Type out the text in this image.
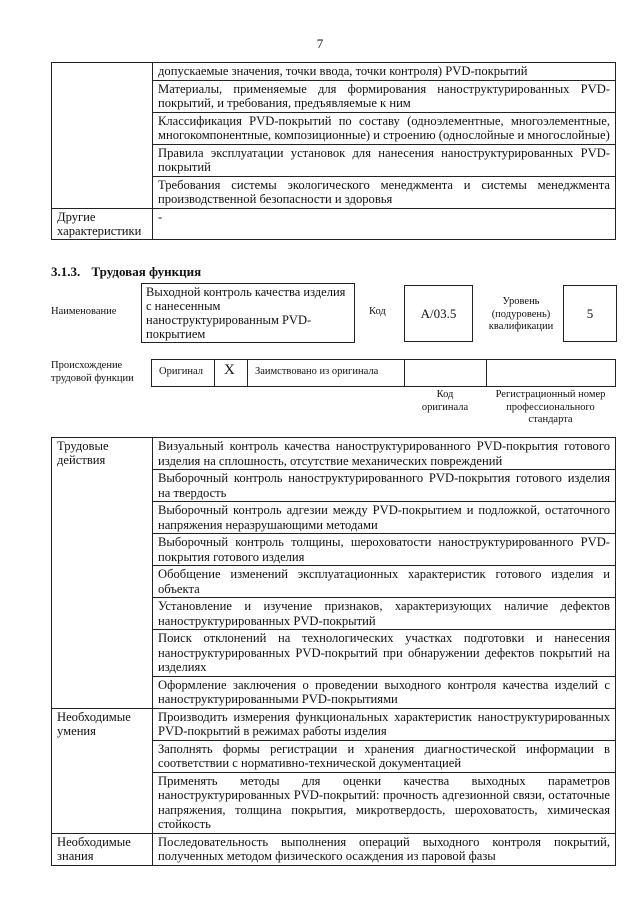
7
	допускаемые значения, точки ввода, точки контроля) PVD-покрытий
	Материалы, применяемые для формирования наноструктурированных PVD-покрытий, и требования, предъявляемые к ним
	Классификация PVD-покрытий по составу (одноэлементные, многоэлементные, многокомпонентные, композиционные) и строению (однослойные и многослойные)
	Правила эксплуатации установок для нанесения наноструктурированных PVD-покрытий
	Требования системы экологического менеджмента и системы менеджмента производственной безопасности и здоровья
Другие характеристики	-
3.1.3. Трудовая функция
Наименование
Выходной контроль качества изделия с нанесенным наноструктурированным PVD-покрытием
Код	A/03.5
Уровень (подуровень) квалификации
5
Происхождение трудовой функции
Оригинал X Заимствовано из оригинала
Код оригинала
Регистрационный номер профессионального стандарта
Трудовые действия	Визуальный контроль качества наноструктурированного PVD-покрытия готового изделия на сплошность, отсутствие механических повреждений
	Выборочный контроль наноструктурированного PVD-покрытия готового изделия на твердость
	Выборочный контроль адгезии между PVD-покрытием и подложкой, остаточного напряжения неразрушающими методами
	Выборочный контроль толщины, шероховатости наноструктурированного PVD-покрытия готового изделия
	Обобщение изменений эксплуатационных характеристик готового изделия и объекта
	Установление и изучение признаков, характеризующих наличие дефектов наноструктурированных PVD-покрытий
	Поиск отклонений на технологических участках подготовки и нанесения наноструктурированных PVD-покрытий при обнаружении дефектов покрытий на изделиях
	Оформление заключения о проведении выходного контроля качества изделий с наноструктурированными PVD-покрытиями
Необходимые умения	Производить измерения функциональных характеристик наноструктурированных PVD-покрытий в режимах работы изделия
	Заполнять формы регистрации и хранения диагностической информации в соответствии с нормативно-технической документацией
	Применять методы для оценки качества выходных параметров наноструктурированных PVD-покрытий: прочность адгезионной связи, остаточные напряжения, толщина покрытия, микротвердость, шероховатость, химическая стойкость
Необходимые знания	Последовательность выполнения операций выходного контроля покрытий, полученных методом физического осаждения из паровой фазы
